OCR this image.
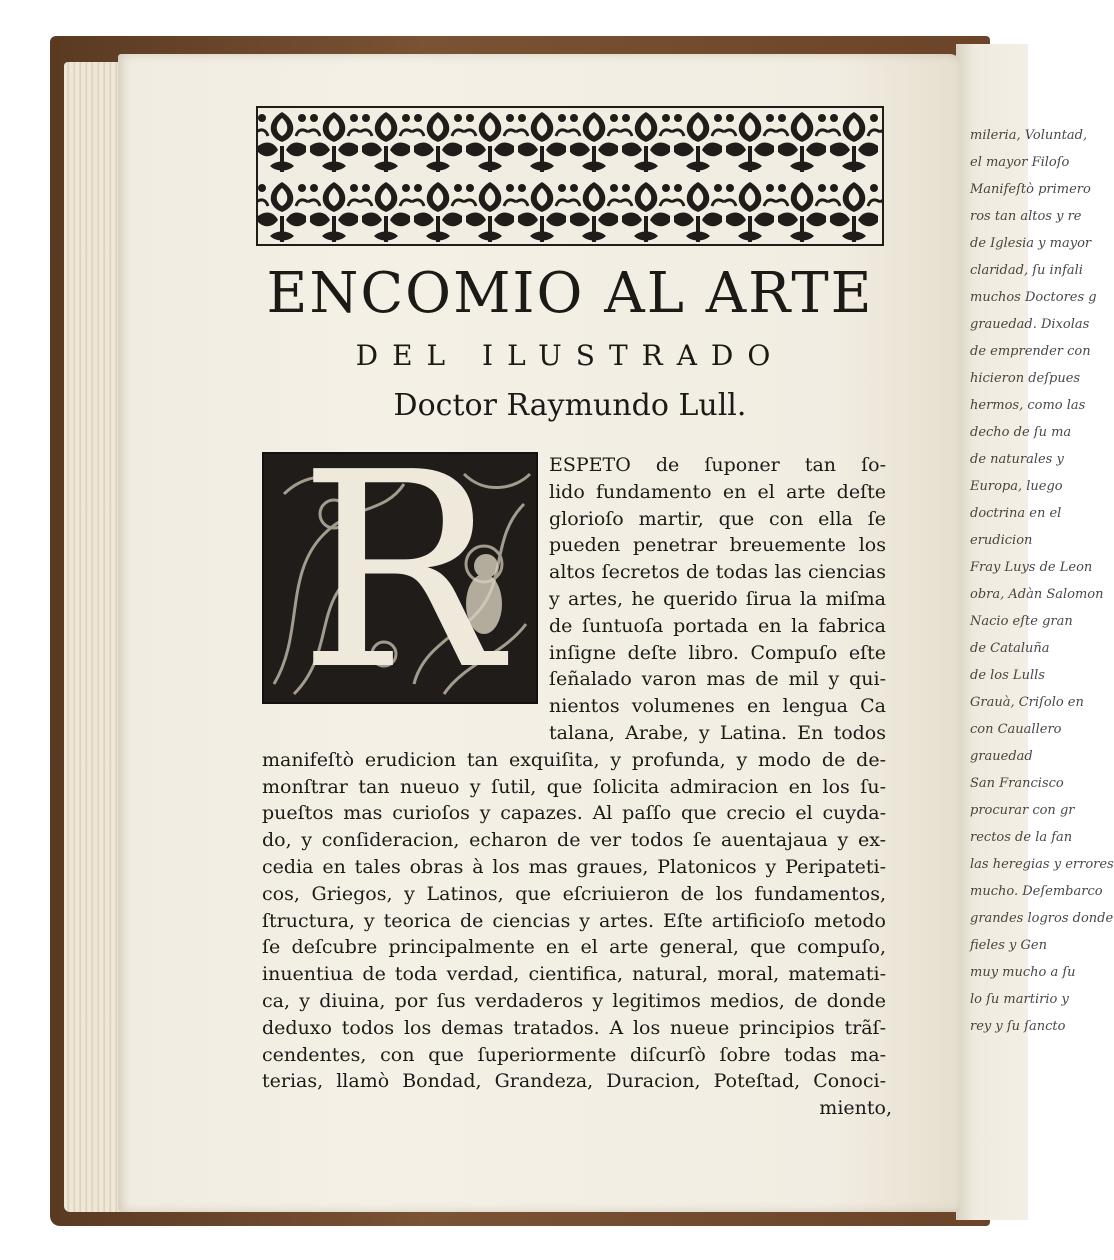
mileria, Voluntad,
el mayor Filoſo
Manifeſtò primero
ros tan altos y re
de Iglesia y mayor
claridad, ſu infali
muchos Doctores g
grauedad. Dixolas
de emprender con
hicieron deſpues
hermos, como las
decho de ſu ma
de naturales y
Europa, luego
doctrina en el
erudicion
Fray Luys de Leon
obra, Adàn Salomon
Nacio eſte gran
de Cataluña
de los Lulls
Grauà, Criſolo en
con Cauallero
grauedad
San Francisco
procurar con gr
rectos de la fan
las heregias y errores
mucho. Deſembarco
grandes logros donde
fieles y Gen
muy mucho a ſu
lo ſu martirio y
rey y ſu ſancto
ENCOMIO AL ARTE
DEL ILUSTRADO
Doctor Raymundo Lull.
R	ESPETO de ſuponer tan ſo-
lido fundamento en el arte deſte
glorioſo martir, que con ella ſe
pueden penetrar breuemente los
altos ſecretos de todas las ciencias
y artes, he querido ſirua la miſma
de ſuntuoſa portada en la fabrica
inſigne deſte libro. Compuſo eſte
ſeñalado varon mas de mil y qui-
nientos volumenes en lengua Ca
talana, Arabe, y Latina. En todos
manifeſtò erudicion tan exquiſita, y profunda, y modo de de-
monſtrar tan nueuo y ſutil, que ſolicita admiracion en los ſu-
pueſtos mas curioſos y capazes. Al paſſo que crecio el cuyda-
do, y conſideracion, echaron de ver todos ſe auentajaua y ex-
cedia en tales obras à los mas graues, Platonicos y Peripateti-
cos, Griegos, y Latinos, que eſcriuieron de los fundamentos,
ſtructura, y teorica de ciencias y artes. Eſte artificioſo metodo
ſe deſcubre principalmente en el arte general, que compuſo,
inuentiua de toda verdad, cientifica, natural, moral, matemati-
ca, y diuina, por ſus verdaderos y legitimos medios, de donde
deduxo todos los demas tratados. A los nueue principios trãſ-
cendentes, con que ſuperiormente diſcurſò ſobre todas ma-
terias, llamò Bondad, Grandeza, Duracion, Poteſtad, Conoci-
miento,
